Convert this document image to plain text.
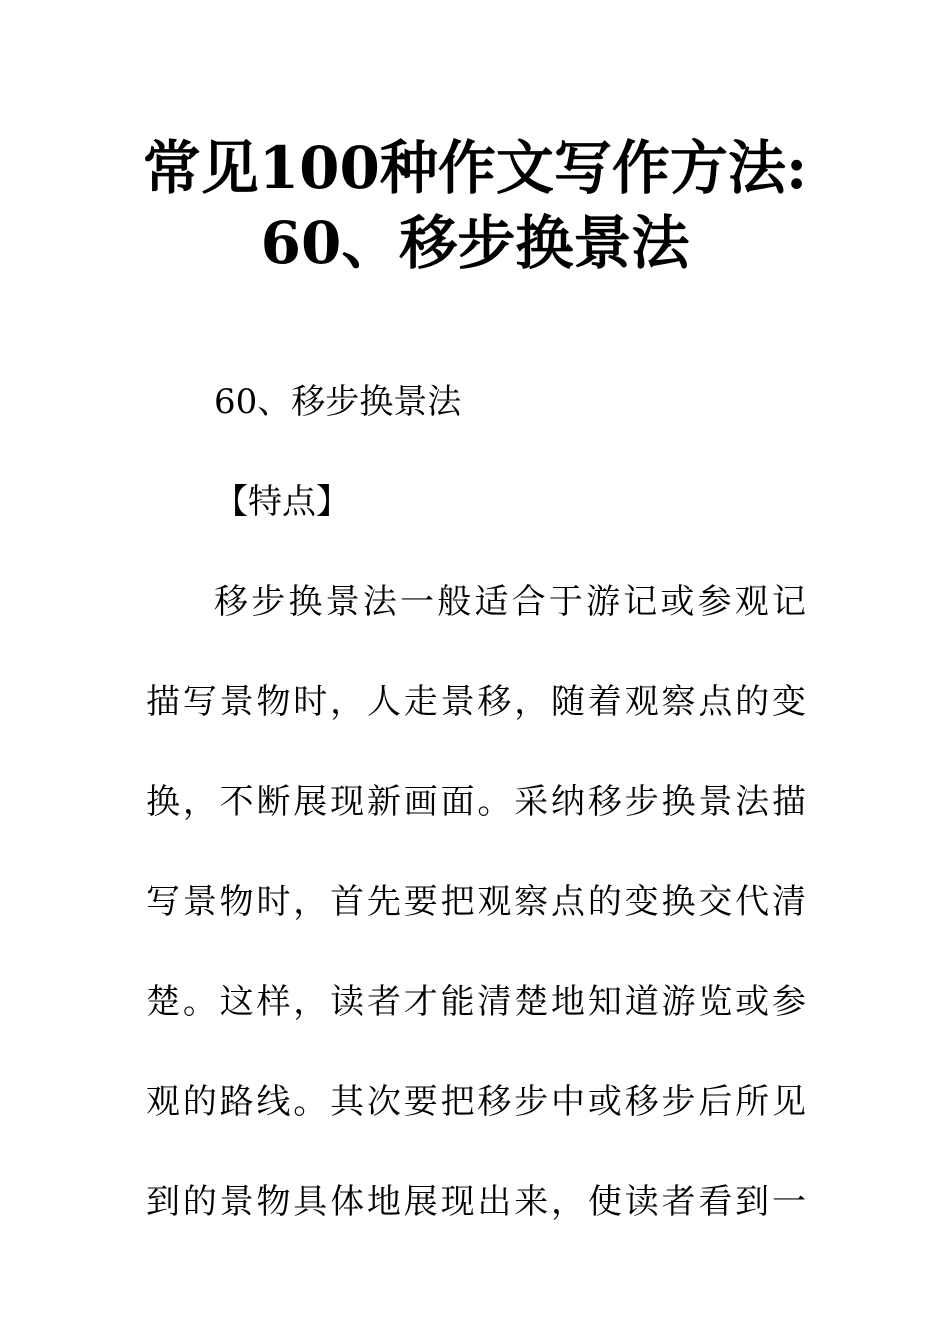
常见100种作文写作方法:
60、移步换景法
60、移步换景法
【特点】
移步换景法一般适合于游记或参观记
描写景物时，人走景移，随着观察点的变
换，不断展现新画面。采纳移步换景法描
写景物时，首先要把观察点的变换交代清
楚。这样，读者才能清楚地知道游览或参
观的路线。其次要把移步中或移步后所见
到的景物具体地展现出来，使读者看到一
